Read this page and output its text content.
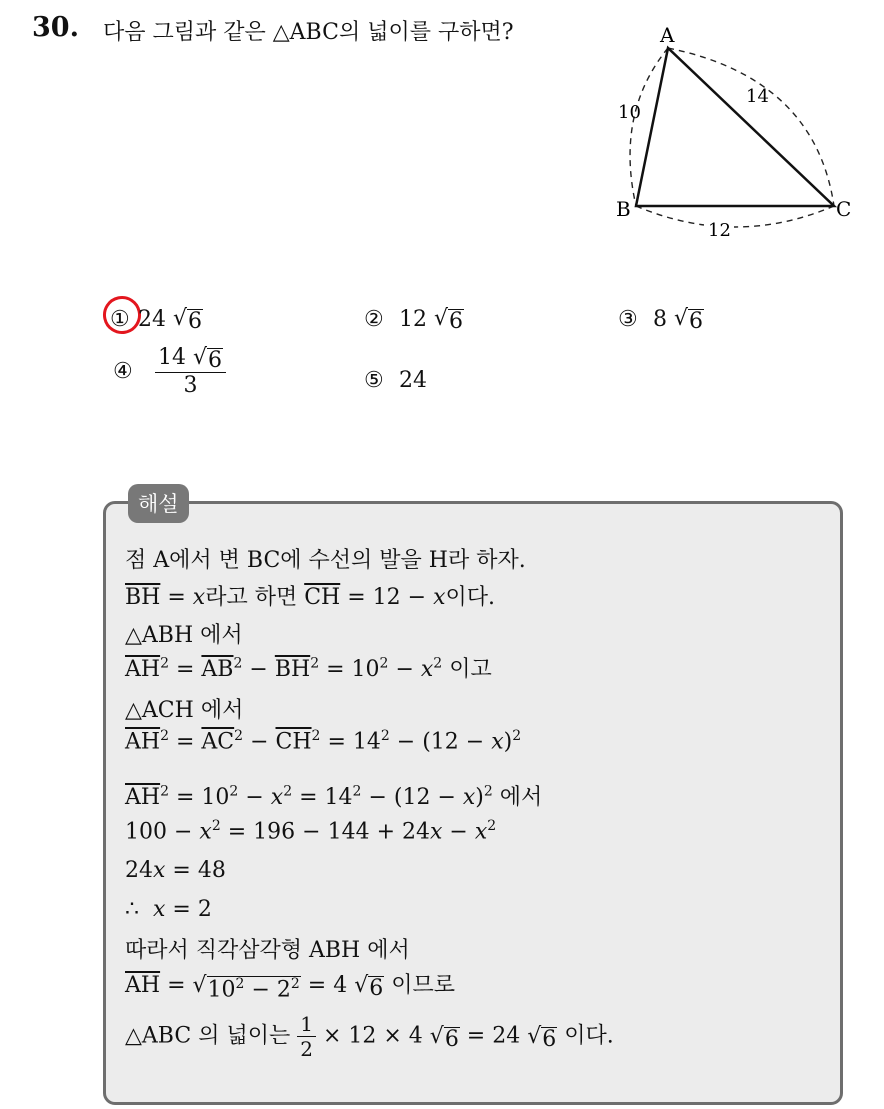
30. 다음 그림과 같은 △ABC의 넓이를 구하면?	A
B	C
10
14
12
① 24
√ 6	②
12
√ 6	③
8
√ 6
④
	$\frac{14 √ 6}{3}$	⑤
24
해설
점 A에서 변 BC에 수선의 발을 H라 하자.
$\overline{BH} = x$라고 하면 $\overline{CH} = 12 - x$이다.
△ABH 에서
$\overline{AH}^2 = \overline{AB}^2 - \overline{BH}^2 = 10^2 - x^2$ 이고
△ACH 에서
$\overline{AH}^2 = \overline{AC}^2 - \overline{CH}^2 = 14^2 - (12 - x)^2$
$\overline{AH}^2 = 10^2 - x^2 = 14^2 - (12 - x)^2$ 에서
$100 - x^2 = 196 - 144 + 24x - x^2$
24x = 48
∴  x = 2
따라서 직각삼각형 ABH 에서
$\overline{AH}$ = √ $10^2 - 2^2 = 4$ √ 6 이므로
△ABC 의 넓이는 $\frac{1}{2} \times 12 \times 4$ √ 6 = 24 √ 6 이다.
